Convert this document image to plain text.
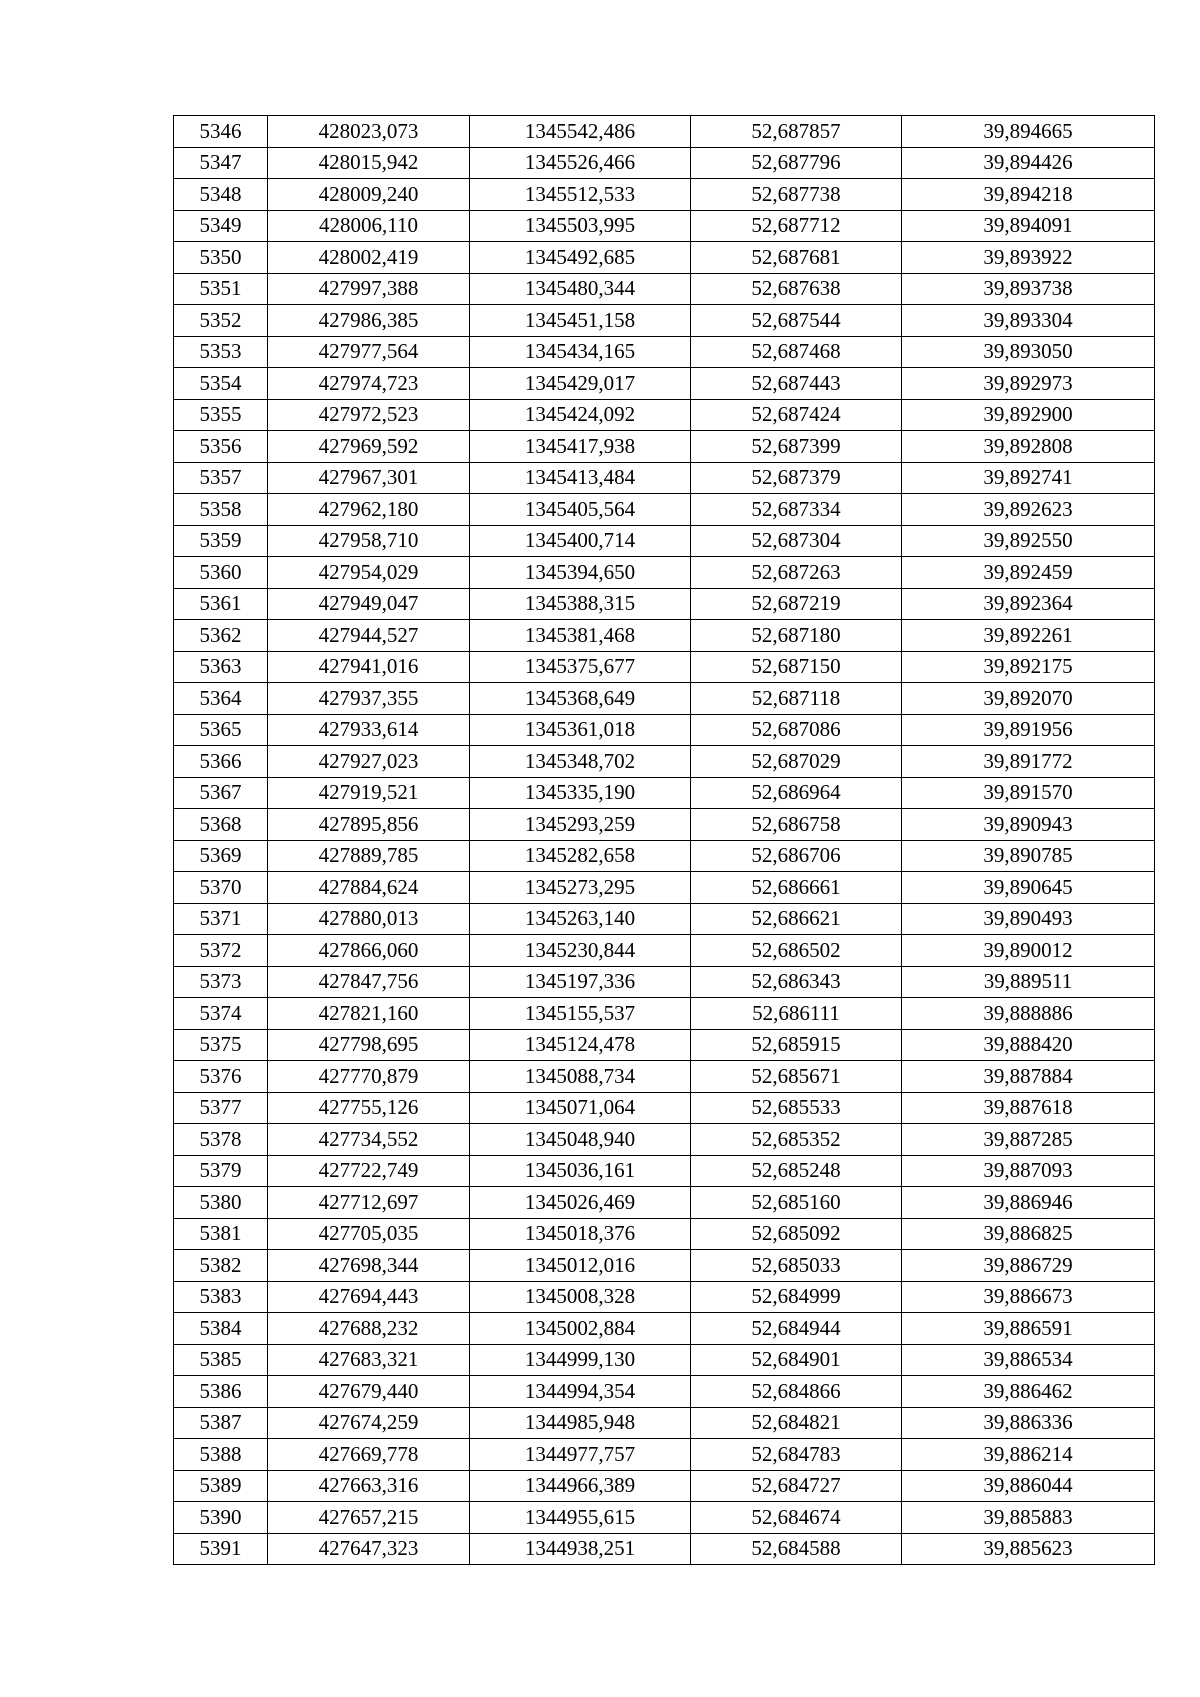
5346	428023,073	1345542,486	52,687857	39,894665
5347	428015,942	1345526,466	52,687796	39,894426
5348	428009,240	1345512,533	52,687738	39,894218
5349	428006,110	1345503,995	52,687712	39,894091
5350	428002,419	1345492,685	52,687681	39,893922
5351	427997,388	1345480,344	52,687638	39,893738
5352	427986,385	1345451,158	52,687544	39,893304
5353	427977,564	1345434,165	52,687468	39,893050
5354	427974,723	1345429,017	52,687443	39,892973
5355	427972,523	1345424,092	52,687424	39,892900
5356	427969,592	1345417,938	52,687399	39,892808
5357	427967,301	1345413,484	52,687379	39,892741
5358	427962,180	1345405,564	52,687334	39,892623
5359	427958,710	1345400,714	52,687304	39,892550
5360	427954,029	1345394,650	52,687263	39,892459
5361	427949,047	1345388,315	52,687219	39,892364
5362	427944,527	1345381,468	52,687180	39,892261
5363	427941,016	1345375,677	52,687150	39,892175
5364	427937,355	1345368,649	52,687118	39,892070
5365	427933,614	1345361,018	52,687086	39,891956
5366	427927,023	1345348,702	52,687029	39,891772
5367	427919,521	1345335,190	52,686964	39,891570
5368	427895,856	1345293,259	52,686758	39,890943
5369	427889,785	1345282,658	52,686706	39,890785
5370	427884,624	1345273,295	52,686661	39,890645
5371	427880,013	1345263,140	52,686621	39,890493
5372	427866,060	1345230,844	52,686502	39,890012
5373	427847,756	1345197,336	52,686343	39,889511
5374	427821,160	1345155,537	52,686111	39,888886
5375	427798,695	1345124,478	52,685915	39,888420
5376	427770,879	1345088,734	52,685671	39,887884
5377	427755,126	1345071,064	52,685533	39,887618
5378	427734,552	1345048,940	52,685352	39,887285
5379	427722,749	1345036,161	52,685248	39,887093
5380	427712,697	1345026,469	52,685160	39,886946
5381	427705,035	1345018,376	52,685092	39,886825
5382	427698,344	1345012,016	52,685033	39,886729
5383	427694,443	1345008,328	52,684999	39,886673
5384	427688,232	1345002,884	52,684944	39,886591
5385	427683,321	1344999,130	52,684901	39,886534
5386	427679,440	1344994,354	52,684866	39,886462
5387	427674,259	1344985,948	52,684821	39,886336
5388	427669,778	1344977,757	52,684783	39,886214
5389	427663,316	1344966,389	52,684727	39,886044
5390	427657,215	1344955,615	52,684674	39,885883
5391	427647,323	1344938,251	52,684588	39,885623
